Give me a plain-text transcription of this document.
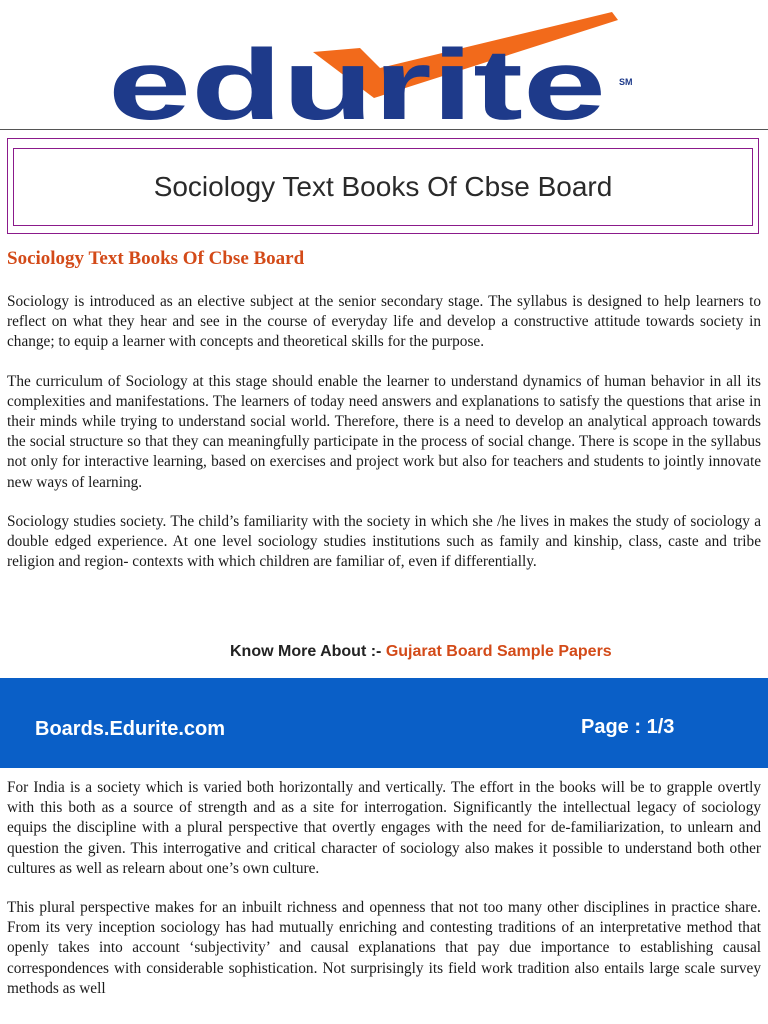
edurite SM
Sociology Text Books Of Cbse Board
Sociology Text Books Of Cbse Board

Sociology is introduced as an elective subject at the senior secondary stage. The syllabus is designed to help learners to reflect on what they hear and see in the course of everyday life and develop a constructive attitude towards society in change; to equip a learner with concepts and theoretical skills for the purpose.

The curriculum of Sociology at this stage should enable the learner to understand dynamics of human behavior in all its complexities and manifestations. The learners of today need answers and explanations to satisfy the questions that arise in their minds while trying to understand social world. Therefore, there is a need to develop an analytical approach towards the social structure so that they can meaningfully participate in the process of social change. There is scope in the syllabus not only for interactive learning, based on exercises and project work but also for teachers and students to jointly innovate new ways of learning.

Sociology studies society. The child’s familiarity with the society in which she /he lives in makes the study of sociology a double edged experience. At one level sociology studies institutions such as family and kinship, class, caste and tribe religion and region- contexts with which children are familiar of, even if differentially.

Know More About :- Gujarat Board Sample Papers
Boards.Edurite.com	Page : 1/3

For India is a society which is varied both horizontally and vertically. The effort in the books will be to grapple overtly with this both as a source of strength and as a site for interrogation. Significantly the intellectual legacy of sociology equips the discipline with a plural perspective that overtly engages with the need for de-familiarization, to unlearn and question the given. This interrogative and critical character of sociology also makes it possible to understand both other cultures as well as relearn about one’s own culture.

This plural perspective makes for an inbuilt richness and openness that not too many other disciplines in practice share. From its very inception sociology has had mutually enriching and contesting traditions of an interpretative method that openly takes into account ‘subjectivity’ and causal explanations that pay due importance to establishing causal correspondences with considerable sophistication. Not surprisingly its field work tradition also entails large scale survey methods as well
